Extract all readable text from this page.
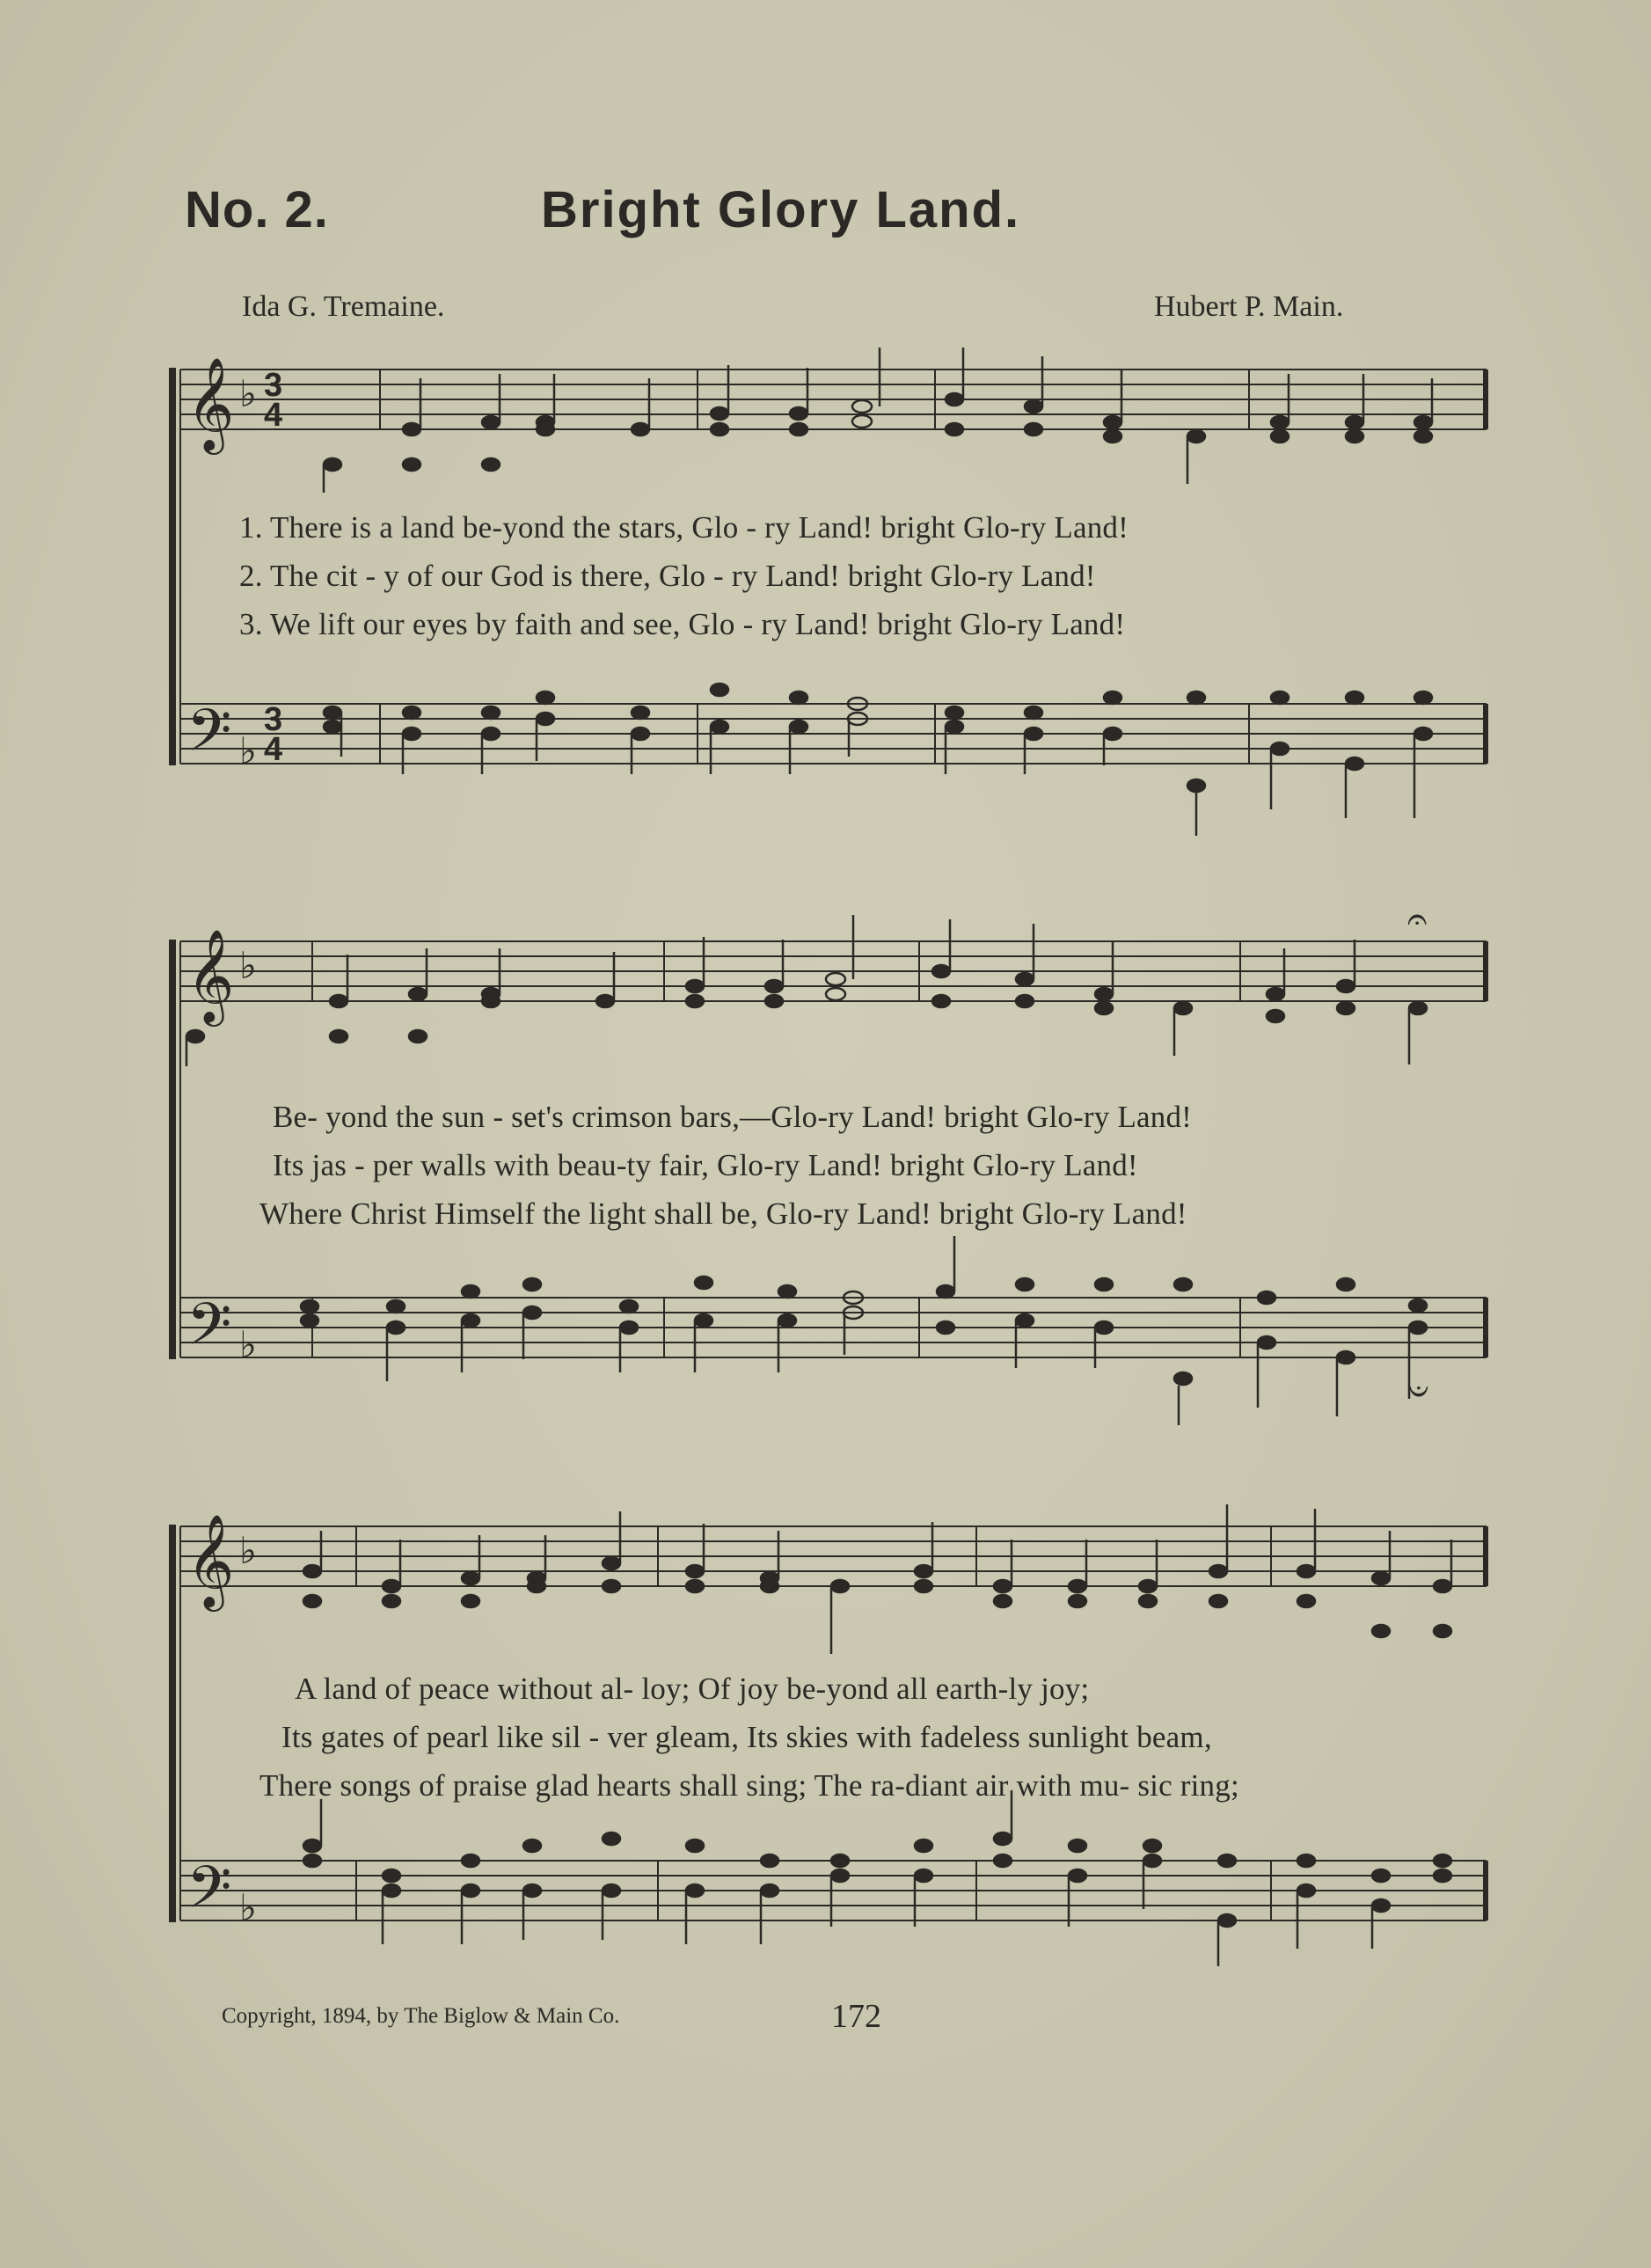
No. 2.	Bright Glory Land.
Ida G. Tremaine.	Hubert P. Main.
𝄞
𝄢
♭
♭
3
4
3
4
1. There is a land be-yond the stars, Glo - ry Land! bright Glo-ry Land!
2. The cit - y of our God is there, Glo - ry Land! bright Glo-ry Land!
3. We lift our eyes by faith and see, Glo - ry Land! bright Glo-ry Land!
𝄞
𝄢
♭
♭
𝄐
𝄐
Be- yond the sun - set's crimson bars,—Glo-ry Land! bright Glo-ry Land!
Its jas - per walls with beau-ty fair, Glo-ry Land! bright Glo-ry Land!
Where Christ Himself the light shall be, Glo-ry Land! bright Glo-ry Land!
𝄞
𝄢
♭
♭
A land of peace without al- loy; Of joy be-yond all earth-ly joy;
Its gates of pearl like sil - ver gleam, Its skies with fadeless sunlight beam,
There songs of praise glad hearts shall sing; The ra-diant air with mu- sic ring;
Copyright, 1894, by The Biglow & Main Co.	172
